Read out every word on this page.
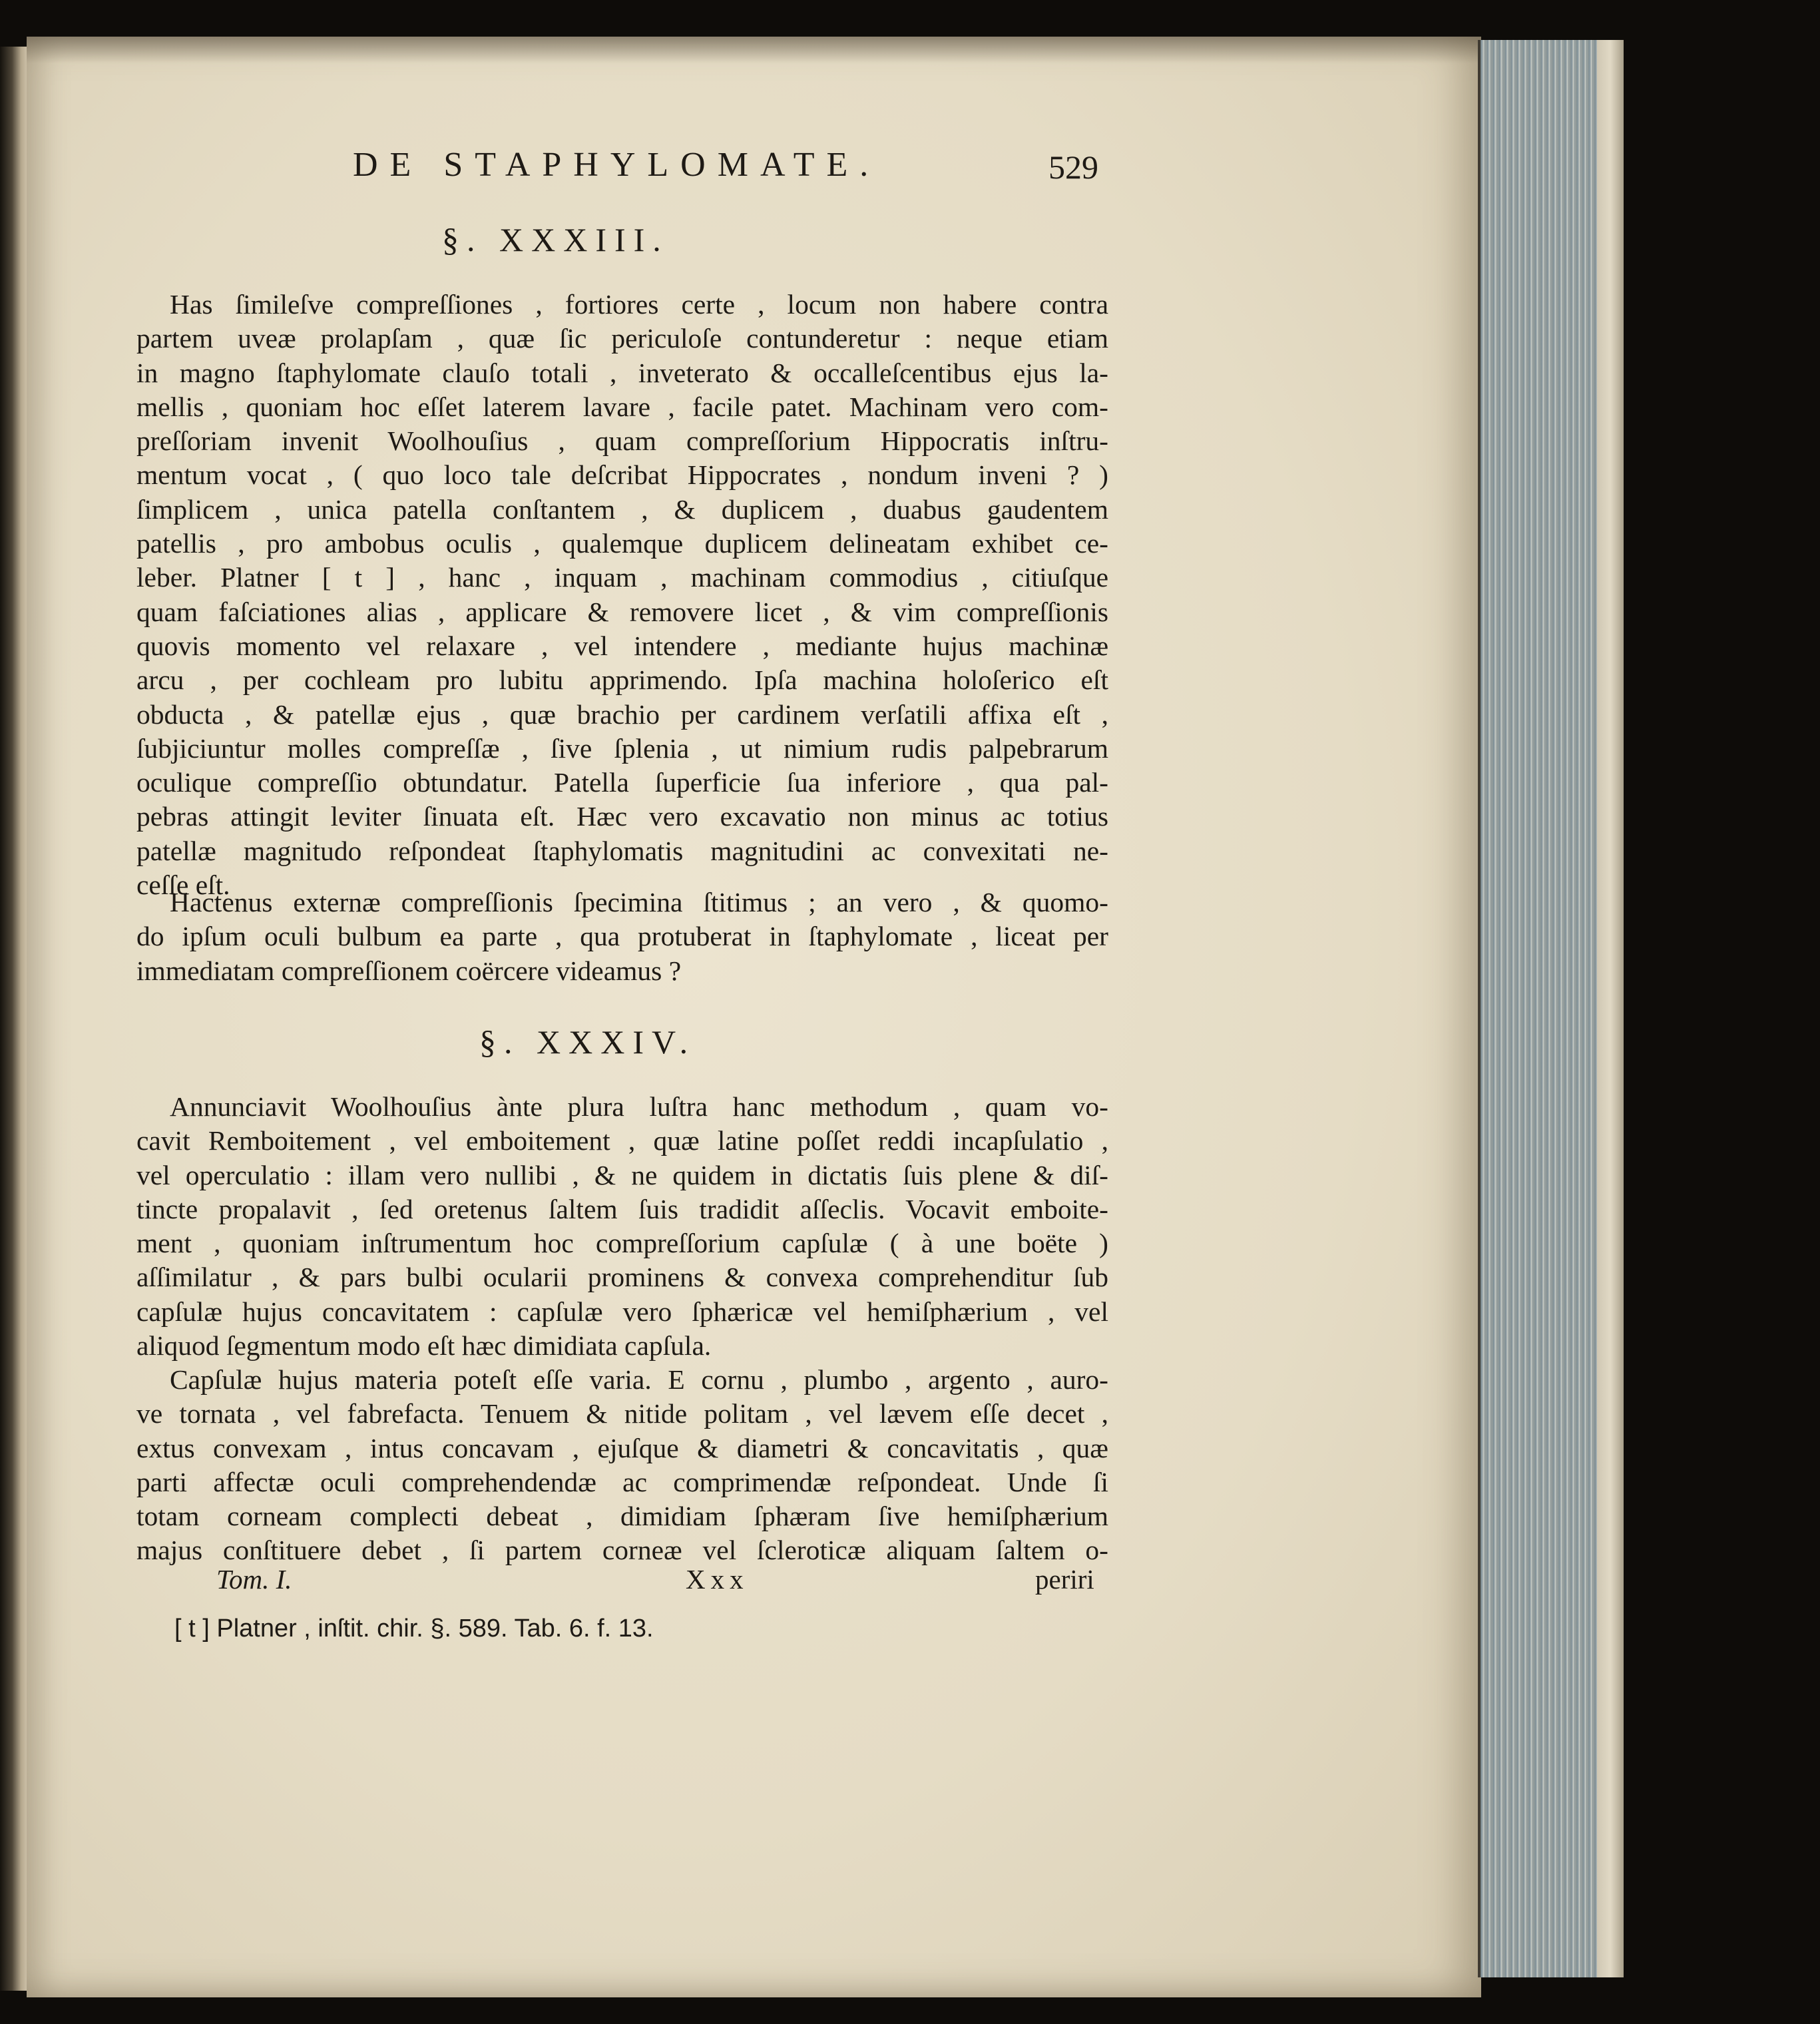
DE STAPHYLOMATE.	529
§. XXXIII.
Has ſimileſve compreſſiones , fortiores certe , locum non habere contra
partem uveæ prolapſam , quæ ſic periculoſe contunderetur : neque etiam
in magno ſtaphylomate clauſo totali , inveterato & occalleſcentibus ejus la-
mellis , quoniam hoc eſſet laterem lavare , facile patet. Machinam vero com-
preſſoriam invenit Woolhouſius , quam compreſſorium Hippocratis inſtru-
mentum vocat , ( quo loco tale deſcribat Hippocrates , nondum inveni ? )
ſimplicem , unica patella conſtantem , & duplicem , duabus gaudentem
patellis , pro ambobus oculis , qualemque duplicem delineatam exhibet ce-
leber. Platner [ t ] , hanc , inquam , machinam commodius , citiuſque
quam faſciationes alias , applicare & removere licet , & vim compreſſionis
quovis momento vel relaxare , vel intendere , mediante hujus machinæ
arcu , per cochleam pro lubitu apprimendo. Ipſa machina holoſerico eſt
obducta , & patellæ ejus , quæ brachio per cardinem verſatili affixa eſt ,
ſubjiciuntur molles compreſſæ , ſive ſplenia , ut nimium rudis palpebrarum
oculique compreſſio obtundatur. Patella ſuperficie ſua inferiore , qua pal-
pebras attingit leviter ſinuata eſt. Hæc vero excavatio non minus ac totius
patellæ magnitudo reſpondeat ſtaphylomatis magnitudini ac convexitati ne-
ceſſe eſt.
Hactenus externæ compreſſionis ſpecimina ſtitimus ; an vero , & quomo-
do ipſum oculi bulbum ea parte , qua protuberat in ſtaphylomate , liceat per
immediatam compreſſionem coërcere videamus ?
§. XXXIV.
Annunciavit Woolhouſius ànte plura luſtra hanc methodum , quam vo-
cavit Remboitement , vel emboitement , quæ latine poſſet reddi incapſulatio ,
vel operculatio : illam vero nullibi , & ne quidem in dictatis ſuis plene & diſ-
tincte propalavit , ſed oretenus ſaltem ſuis tradidit aſſeclis. Vocavit emboite-
ment , quoniam inſtrumentum hoc compreſſorium capſulæ ( à une boëte )
aſſimilatur , & pars bulbi ocularii prominens & convexa comprehenditur ſub
capſulæ hujus concavitatem : capſulæ vero ſphæricæ vel hemiſphærium , vel
aliquod ſegmentum modo eſt hæc dimidiata capſula.
Capſulæ hujus materia poteſt eſſe varia. E cornu , plumbo , argento , auro-
ve tornata , vel fabrefacta. Tenuem & nitide politam , vel lævem eſſe decet ,
extus convexam , intus concavam , ejuſque & diametri & concavitatis , quæ
parti affectæ oculi comprehendendæ ac comprimendæ reſpondeat. Unde ſi
totam corneam complecti debeat , dimidiam ſphæram ſive hemiſphærium
majus conſtituere debet , ſi partem corneæ vel ſcleroticæ aliquam ſaltem o-
Tom. I.	Xxx	periri
[ t ] Platner , inſtit. chir. §. 589. Tab. 6. f. 13.
